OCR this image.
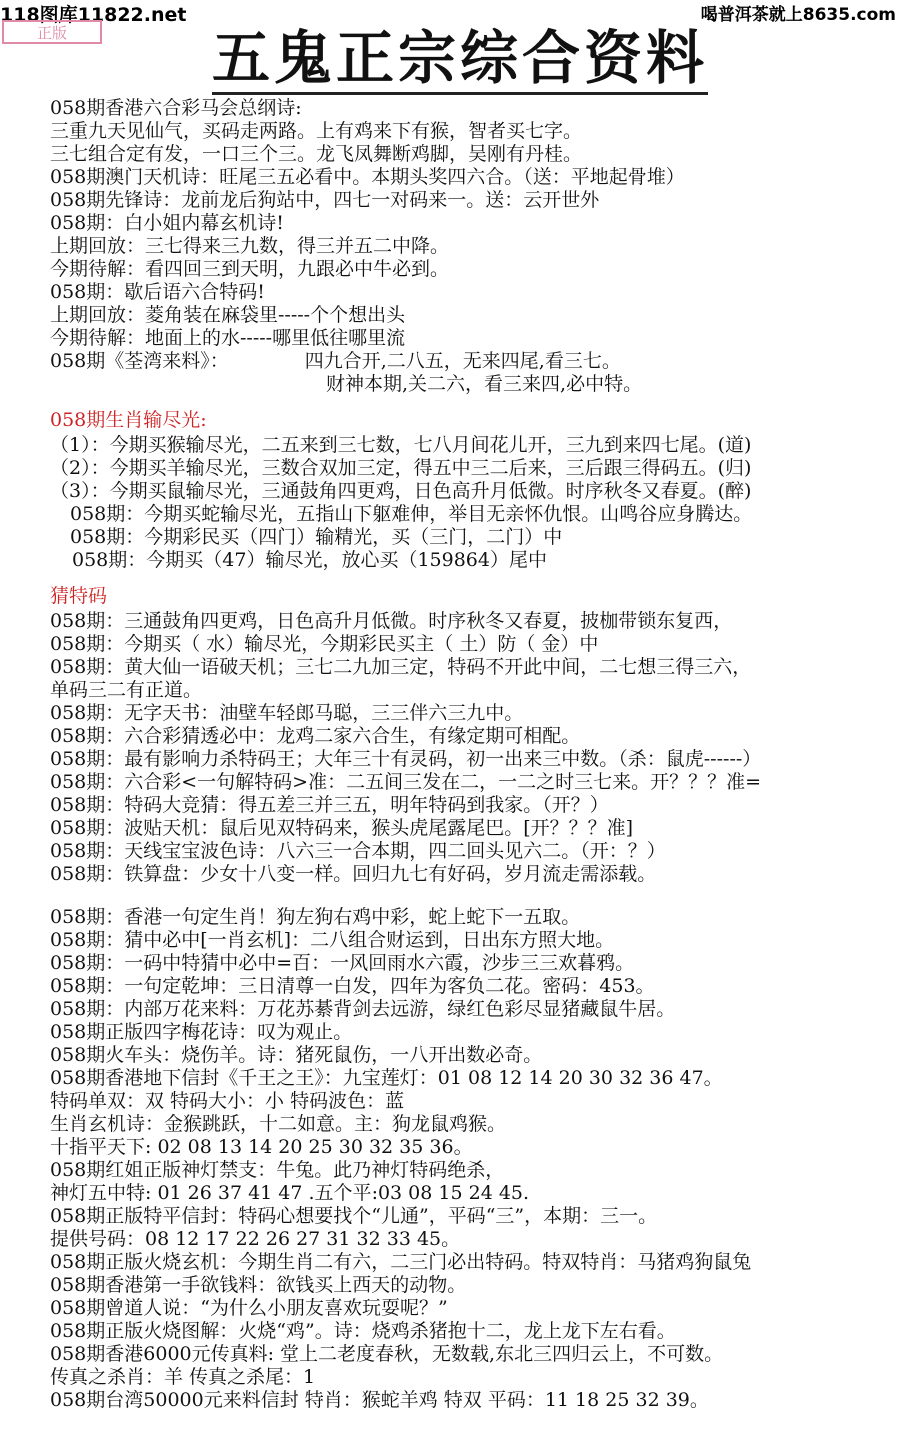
118图库11822.net	喝普洱茶就上8635.com
正版	五鬼正宗综合资料
058期香港六合彩马会总纲诗:
三重九天见仙气，买码走两路。上有鸡来下有猴，智者买七字。
三七组合定有发，一口三个三。龙飞凤舞断鸡脚，吴刚有丹桂。
058期澳门天机诗：旺尾三五必看中。本期头奖四六合。（送：平地起骨堆）
058期先锋诗：龙前龙后狗站中，四七一对码来一。送：云开世外
058期：白小姐内幕玄机诗!
上期回放：三七得来三九数，得三并五二中降。
今期待解：看四回三到天明，九跟必中牛必到。
058期：歇后语六合特码!
上期回放：菱角装在麻袋里-----个个想出头
今期待解：地面上的水-----哪里低往哪里流
058期《荃湾来料》：	四九合开,二八五，无来四尾,看三七。
财神本期,关二六，看三来四,必中特。
058期生肖输尽光:
（1）：今期买猴输尽光，二五来到三七数，七八月间花儿开，三九到来四七尾。(道)
（2）：今期买羊输尽光，三数合双加三定，得五中三二后来，三后跟三得码五。(归)
（3）：今期买鼠输尽光，三通鼓角四更鸡，日色高升月低微。时序秋冬又春夏。(醉)
058期：今期买蛇输尽光，五指山下躯难伸，举目无亲怀仇恨。山鸣谷应身腾达。
058期：今期彩民买（四门）输精光，买（三门，二门）中
058期：今期买（47）输尽光，放心买（159864）尾中
猜特码
058期：三通鼓角四更鸡，日色高升月低微。时序秋冬又春夏，披枷带锁东复西，
058期：今期买（ 水）输尽光，今期彩民买主（ 土）防（ 金）中
058期：黄大仙一语破天机；三七二九加三定，特码不开此中间，二七想三得三六，
单码三二有正道。
058期：无字天书：油壁车轻郎马聪，三三伴六三九中。
058期：六合彩猜透必中：龙鸡二家六合生，有缘定期可相配。
058期：最有影响力杀特码王；大年三十有灵码，初一出来三中数。（杀：鼠虎------）
058期：六合彩<一句解特码>准：二五间三发在二，一二之时三七来。开？？？准=
058期：特码大竞猜：得五差三并三五，明年特码到我家。（开？）
058期：波贴天机：鼠后见双特码来，猴头虎尾露尾巴。[开？？？准]
058期：天线宝宝波色诗：八六三一合本期，四二回头见六二。（开：？）
058期：铁算盘：少女十八变一样。回归九七有好码，岁月流走需添载。
058期：香港一句定生肖！狗左狗右鸡中彩，蛇上蛇下一五取。
058期：猜中必中[一肖玄机]：二八组合财运到，日出东方照大地。
058期：一码中特猜中必中=百：一风回雨水六霞，沙步三三欢暮鸦。
058期：一句定乾坤：三日清尊一白发，四年为客负二花。密码：453。
058期：内部万花来料：万花苏綦背剑去远游，绿红色彩尽显猪藏鼠牛居。
058期正版四字梅花诗：叹为观止。
058期火车头：烧伤羊。诗：猪死鼠伤，一八开出数必奇。
058期香港地下信封《千王之王》：九宝莲灯：01 08 12 14 20 30 32 36 47。
特码单双：双 特码大小：小 特码波色：蓝
生肖玄机诗：金猴跳跃，十二如意。主：狗龙鼠鸡猴。
十指平天下: 02 08 13 14 20 25 30 32 35 36。
058期红姐正版神灯禁支：牛兔。此乃神灯特码绝杀，
神灯五中特: 01 26 37 41 47 .五个平:03 08 15 24 45.
058期正版特平信封：特码心想要找个“儿通”，平码“三”，本期：三一。
提供号码：08 12 17 22 26 27 31 32 33 45。
058期正版火烧玄机：今期生肖二有六，二三门必出特码。特双特肖：马猪鸡狗鼠兔
058期香港第一手欲钱料：欲钱买上西天的动物。
058期曾道人说：“为什么小朋友喜欢玩耍呢？”
058期正版火烧图解：火烧“鸡”。诗：烧鸡杀猪抱十二，龙上龙下左右看。
058期香港6000元传真料: 堂上二老度春秋，无数载,东北三四归云上，不可数。
传真之杀肖：羊 传真之杀尾：1
058期台湾50000元来料信封 特肖：猴蛇羊鸡 特双 平码：11 18 25 32 39。
